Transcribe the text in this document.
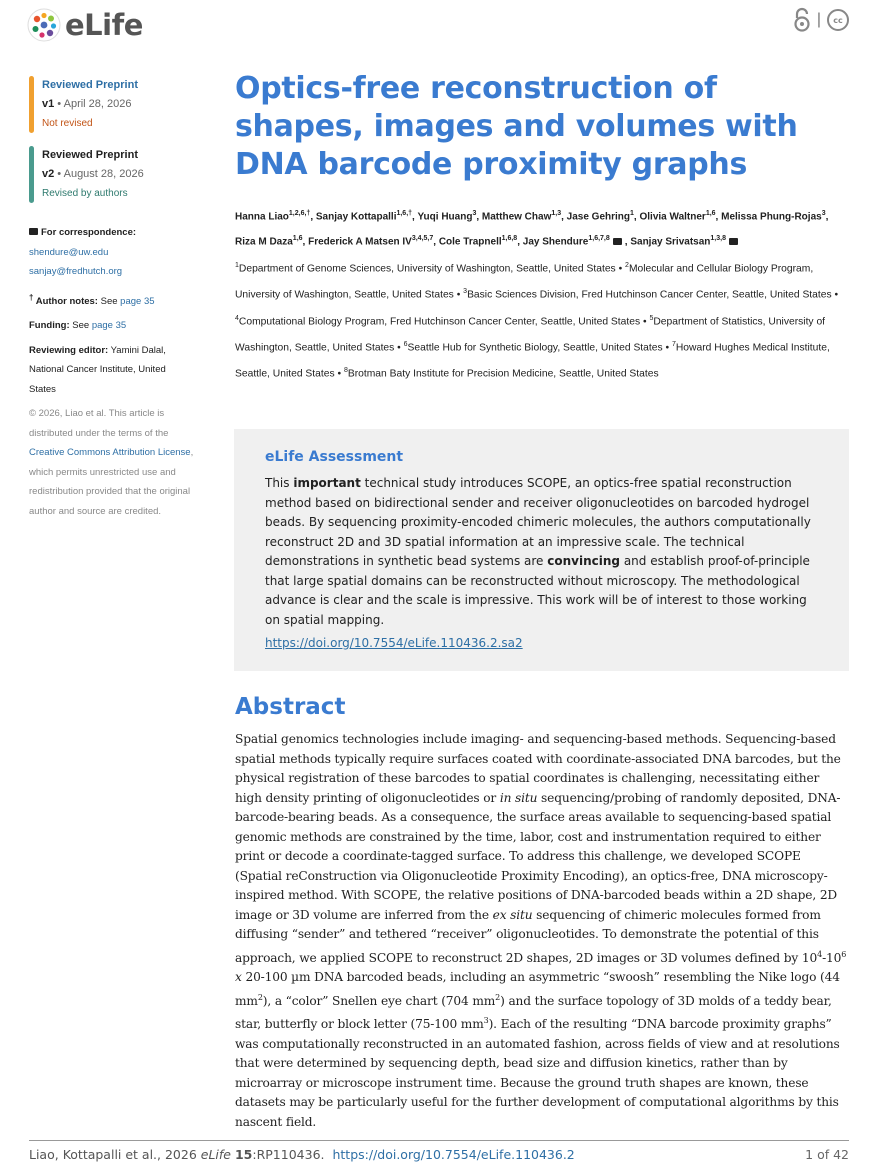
eLife	|	cc
Reviewed Preprint
v1 • April 28, 2026
Not revised
Reviewed Preprint
v2 • August 28, 2026
Revised by authors
For correspondence:
shendure@uw.edu
sanjay@fredhutch.org
† Author notes: See page 35
Funding: See page 35
Reviewing editor: Yamini Dalal, National Cancer Institute, United States
© 2026, Liao et al. This article is distributed under the terms of the Creative Commons Attribution License, which permits unrestricted use and redistribution provided that the original author and source are credited.
Optics-free reconstruction of shapes, images and volumes with DNA barcode proximity graphs
Hanna Liao$^{1,2,6,\dagger}$, Sanjay Kottapalli$^{1,6,\dagger}$, Yuqi Huang$^3$, Matthew Chaw$^{1,3}$, Jase Gehring$^1$, Olivia Waltner$^{1,6}$, Melissa Phung-Rojas$^3$, Riza M Daza$^{1,6}$, Frederick A Matsen IV$^{3,4,5,7}$, Cole Trapnell$^{1,6,8}$, Jay Shendure$^{1,6,7,8}$ , Sanjay Srivatsan$^{1,3,8}$
$^1$Department of Genome Sciences, University of Washington, Seattle, United States • $^2$Molecular and Cellular Biology Program, University of Washington, Seattle, United States • $^3$Basic Sciences Division, Fred Hutchinson Cancer Center, Seattle, United States • $^4$Computational Biology Program, Fred Hutchinson Cancer Center, Seattle, United States • $^5$Department of Statistics, University of Washington, Seattle, United States • $^6$Seattle Hub for Synthetic Biology, Seattle, United States • $^7$Howard Hughes Medical Institute, Seattle, United States • $^8$Brotman Baty Institute for Precision Medicine, Seattle, United States
eLife Assessment

This important technical study introduces SCOPE, an optics-free spatial reconstruction method based on bidirectional sender and receiver oligonucleotides on barcoded hydrogel beads. By sequencing proximity-encoded chimeric molecules, the authors computationally reconstruct 2D and 3D spatial information at an impressive scale. The technical demonstrations in synthetic bead systems are convincing and establish proof-of-principle that large spatial domains can be reconstructed without microscopy. The methodological advance is clear and the scale is impressive. This work will be of interest to those working on spatial mapping.

https://doi.org/10.7554/eLife.110436.2.sa2
Abstract

Spatial genomics technologies include imaging- and sequencing-based methods. Sequencing-based spatial methods typically require surfaces coated with coordinate-associated DNA barcodes, but the physical registration of these barcodes to spatial coordinates is challenging, necessitating either high density printing of oligonucleotides or in situ sequencing/probing of randomly deposited, DNA-barcode-bearing beads. As a consequence, the surface areas available to sequencing-based spatial genomic methods are constrained by the time, labor, cost and instrumentation required to either print or decode a coordinate-tagged surface. To address this challenge, we developed SCOPE (Spatial reConstruction via Oligonucleotide Proximity Encoding), an optics-free, DNA microscopy-inspired method. With SCOPE, the relative positions of DNA-barcoded beads within a 2D shape, 2D image or 3D volume are inferred from the ex situ sequencing of chimeric molecules formed from diffusing “sender” and tethered “receiver” oligonucleotides. To demonstrate the potential of this approach, we applied SCOPE to reconstruct 2D shapes, 2D images or 3D volumes defined by $10^4-10^6$ x 20-100 µm DNA barcoded beads, including an asymmetric “swoosh” resembling the Nike logo (44 $mm^2$), a “color” Snellen eye chart (704 $mm^2$) and the surface topology of 3D molds of a teddy bear, star, butterfly or block letter (75-100 $mm^3$). Each of the resulting “DNA barcode proximity graphs” was computationally reconstructed in an automated fashion, across fields of view and at resolutions that were determined by sequencing depth, bead size and diffusion kinetics, rather than by microarray or microscope instrument time. Because the ground truth shapes are known, these datasets may be particularly useful for the further development of computational algorithms by this nascent field.

Liao, Kottapalli et al., 2026 eLife 15:RP110436. https://doi.org/10.7554/eLife.110436.2	1 of 42
